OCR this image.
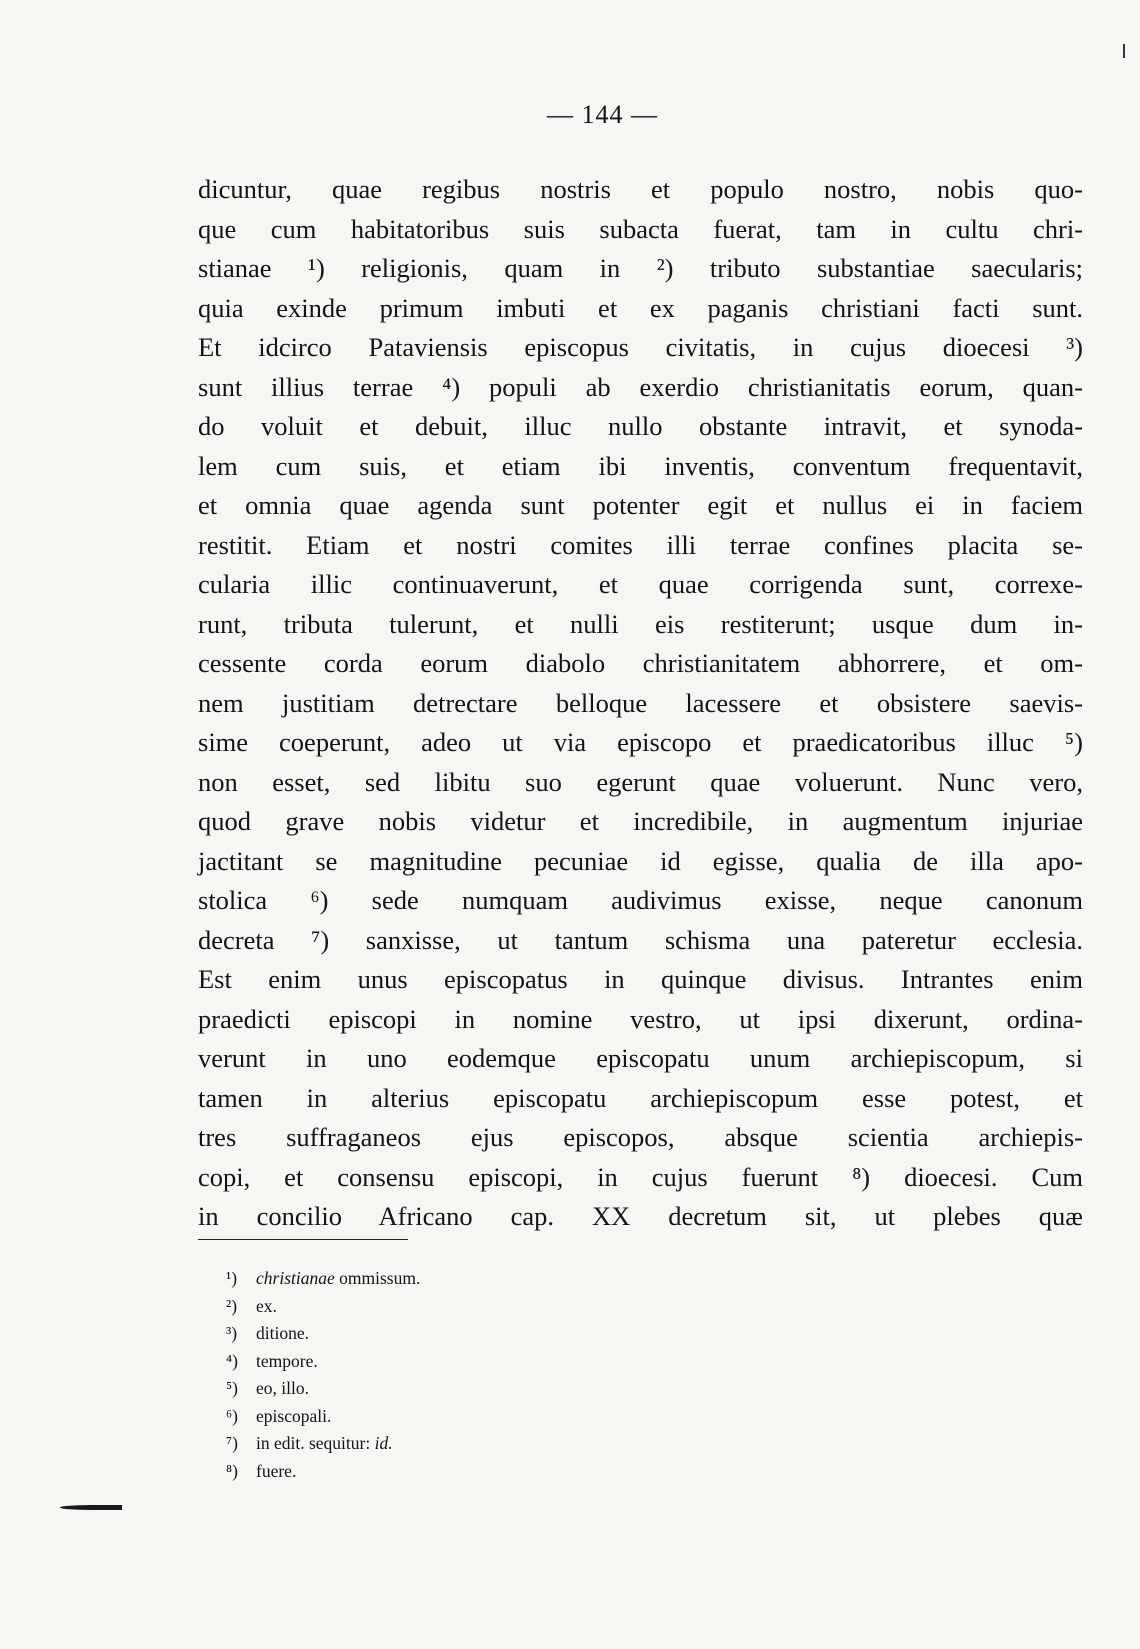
— 144 —
dicuntur, quae regibus nostris et populo nostro, nobis quo-
que cum habitatoribus suis subacta fuerat, tam in cultu chri-
stianae ¹) religionis, quam in ²) tributo substantiae saecularis;
quia exinde primum imbuti et ex paganis christiani facti sunt.
Et idcirco Pataviensis episcopus civitatis, in cujus dioecesi ³)
sunt illius terrae ⁴) populi ab exerdio christianitatis eorum, quan-
do voluit et debuit, illuc nullo obstante intravit, et synoda-
lem cum suis, et etiam ibi inventis, conventum frequentavit,
et omnia quae agenda sunt potenter egit et nullus ei in faciem
restitit. Etiam et nostri comites illi terrae confines placita se-
cularia illic continuaverunt, et quae corrigenda sunt, correxe-
runt, tributa tulerunt, et nulli eis restiterunt; usque dum in-
cessente corda eorum diabolo christianitatem abhorrere, et om-
nem justitiam detrectare belloque lacessere et obsistere saevis-
sime coeperunt, adeo ut via episcopo et praedicatoribus illuc ⁵)
non esset, sed libitu suo egerunt quae voluerunt. Nunc vero,
quod grave nobis videtur et incredibile, in augmentum injuriae
jactitant se magnitudine pecuniae id egisse, qualia de illa apo-
stolica ⁶) sede numquam audivimus exisse, neque canonum
decreta ⁷) sanxisse, ut tantum schisma una pateretur ecclesia.
Est enim unus episcopatus in quinque divisus. Intrantes enim
praedicti episcopi in nomine vestro, ut ipsi dixerunt, ordina-
verunt in uno eodemque episcopatu unum archiepiscopum, si
tamen in alterius episcopatu archiepiscopum esse potest, et
tres suffraganeos ejus episcopos, absque scientia archiepis-
copi, et consensu episcopi, in cujus fuerunt ⁸) dioecesi. Cum
in concilio Africano cap. XX decretum sit, ut plebes quæ
¹) christianae ommissum.
²) ex.
³) ditione.
⁴) tempore.
⁵) eo, illo.
⁶) episcopali.
⁷) in edit. sequitur: id.
⁸) fuere.
